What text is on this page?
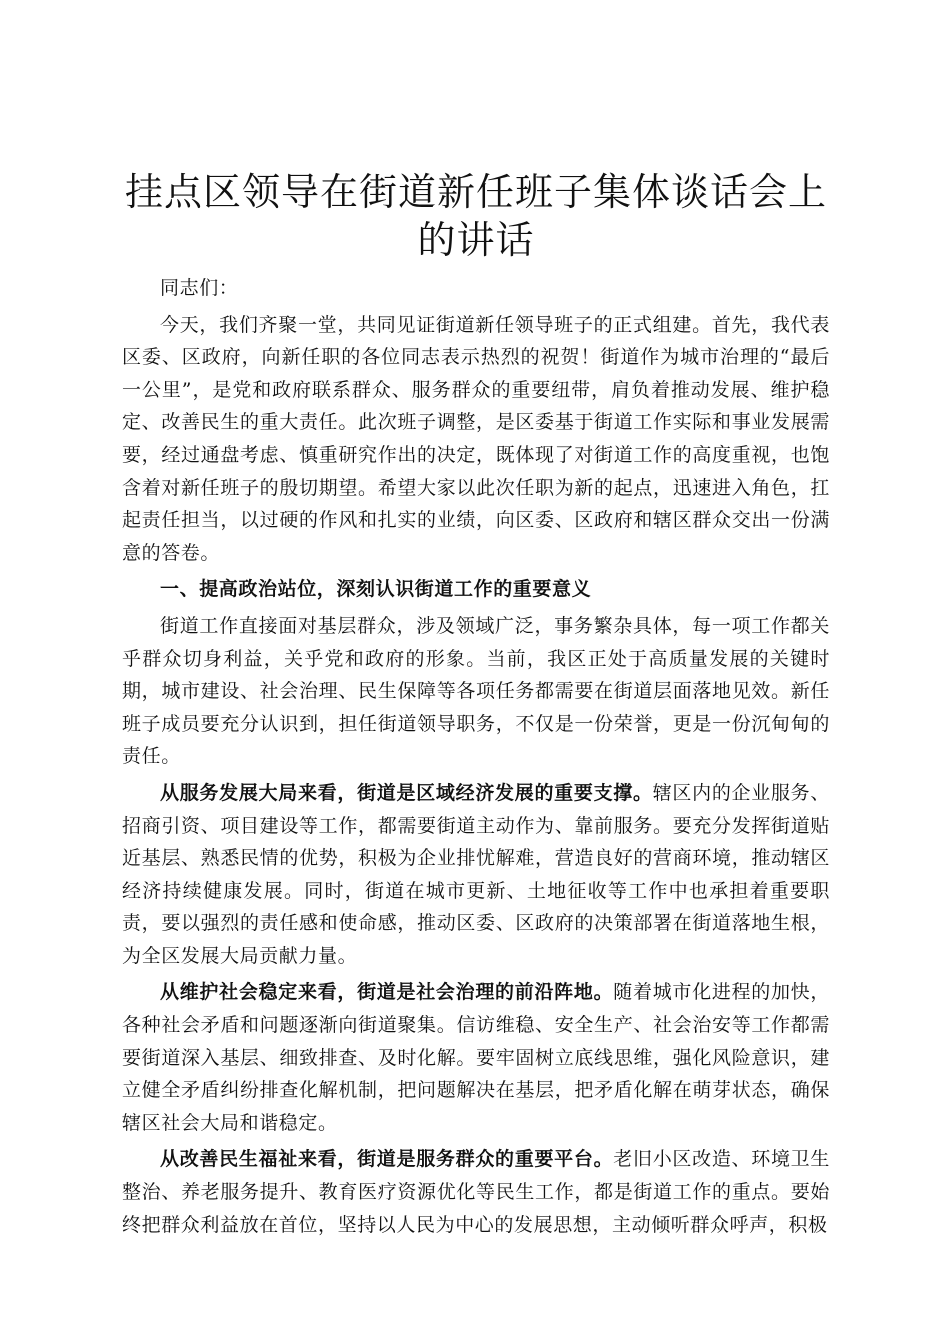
挂点区领导在街道新任班子集体谈话会上的讲话

同志们：

今天，我们齐聚一堂，共同见证街道新任领导班子的正式组建。首先，我代表区委、区政府，向新任职的各位同志表示热烈的祝贺！街道作为城市治理的“最后一公里”，是党和政府联系群众、服务群众的重要纽带，肩负着推动发展、维护稳定、改善民生的重大责任。此次班子调整，是区委基于街道工作实际和事业发展需要，经过通盘考虑、慎重研究作出的决定，既体现了对街道工作的高度重视，也饱含着对新任班子的殷切期望。希望大家以此次任职为新的起点，迅速进入角色，扛起责任担当，以过硬的作风和扎实的业绩，向区委、区政府和辖区群众交出一份满意的答卷。

一、提高政治站位，深刻认识街道工作的重要意义

街道工作直接面对基层群众，涉及领域广泛，事务繁杂具体，每一项工作都关乎群众切身利益，关乎党和政府的形象。当前，我区正处于高质量发展的关键时期，城市建设、社会治理、民生保障等各项任务都需要在街道层面落地见效。新任班子成员要充分认识到，担任街道领导职务，不仅是一份荣誉，更是一份沉甸甸的责任。

从服务发展大局来看，街道是区域经济发展的重要支撑。辖区内的企业服务、招商引资、项目建设等工作，都需要街道主动作为、靠前服务。要充分发挥街道贴近基层、熟悉民情的优势，积极为企业排忧解难，营造良好的营商环境，推动辖区经济持续健康发展。同时，街道在城市更新、土地征收等工作中也承担着重要职责，要以强烈的责任感和使命感，推动区委、区政府的决策部署在街道落地生根，为全区发展大局贡献力量。

从维护社会稳定来看，街道是社会治理的前沿阵地。随着城市化进程的加快，各种社会矛盾和问题逐渐向街道聚集。信访维稳、安全生产、社会治安等工作都需要街道深入基层、细致排查、及时化解。要牢固树立底线思维，强化风险意识，建立健全矛盾纠纷排查化解机制，把问题解决在基层，把矛盾化解在萌芽状态，确保辖区社会大局和谐稳定。

从改善民生福祉来看，街道是服务群众的重要平台。老旧小区改造、环境卫生整治、养老服务提升、教育医疗资源优化等民生工作，都是街道工作的重点。要始终把群众利益放在首位，坚持以人民为中心的发展思想，主动倾听群众呼声，积极
